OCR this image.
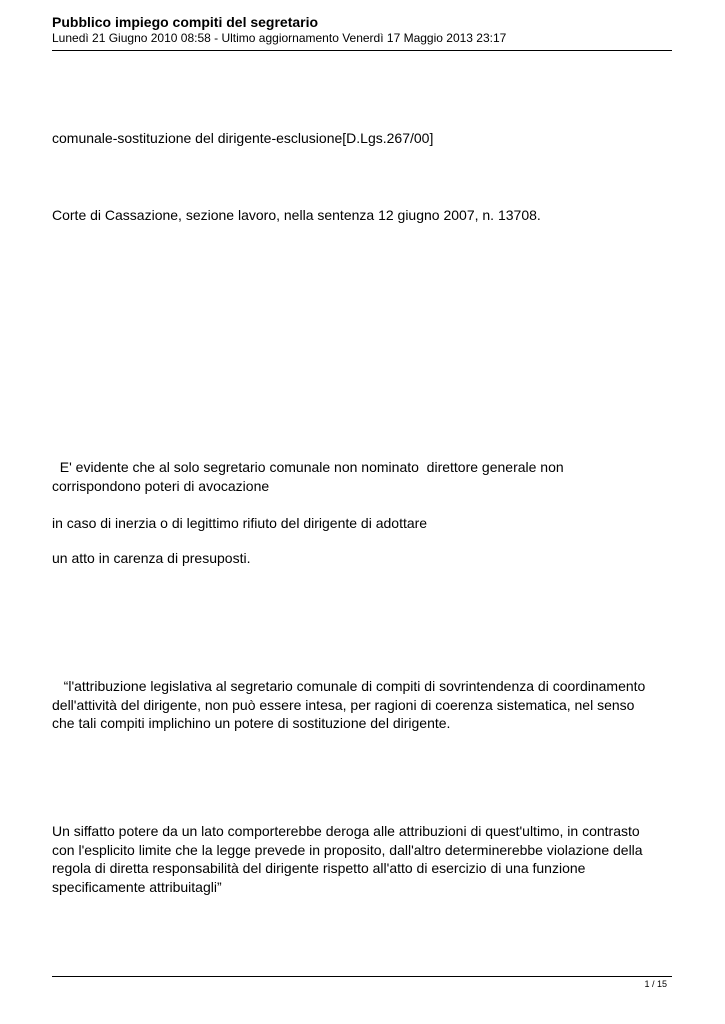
Pubblico impiego compiti del segretario
Lunedì 21 Giugno 2010 08:58 - Ultimo aggiornamento Venerdì 17 Maggio 2013 23:17
comunale-sostituzione del dirigente-esclusione[D.Lgs.267/00]
Corte di Cassazione, sezione lavoro, nella sentenza 12 giugno 2007, n. 13708.
E' evidente che al solo segretario comunale non nominato  direttore generale non
corrispondono poteri di avocazione
in caso di inerzia o di legittimo rifiuto del dirigente di adottare
un atto in carenza di presuposti.
“l'attribuzione legislativa al segretario comunale di compiti di sovrintendenza di coordinamento
dell'attività del dirigente, non può essere intesa, per ragioni di coerenza sistematica, nel senso
che tali compiti implichino un potere di sostituzione del dirigente.
Un siffatto potere da un lato comporterebbe deroga alle attribuzioni di quest'ultimo, in contrasto
con l'esplicito limite che la legge prevede in proposito, dall'altro determinerebbe violazione della
regola di diretta responsabilità del dirigente rispetto all'atto di esercizio di una funzione
specificamente attribuitagli”
1 / 15
